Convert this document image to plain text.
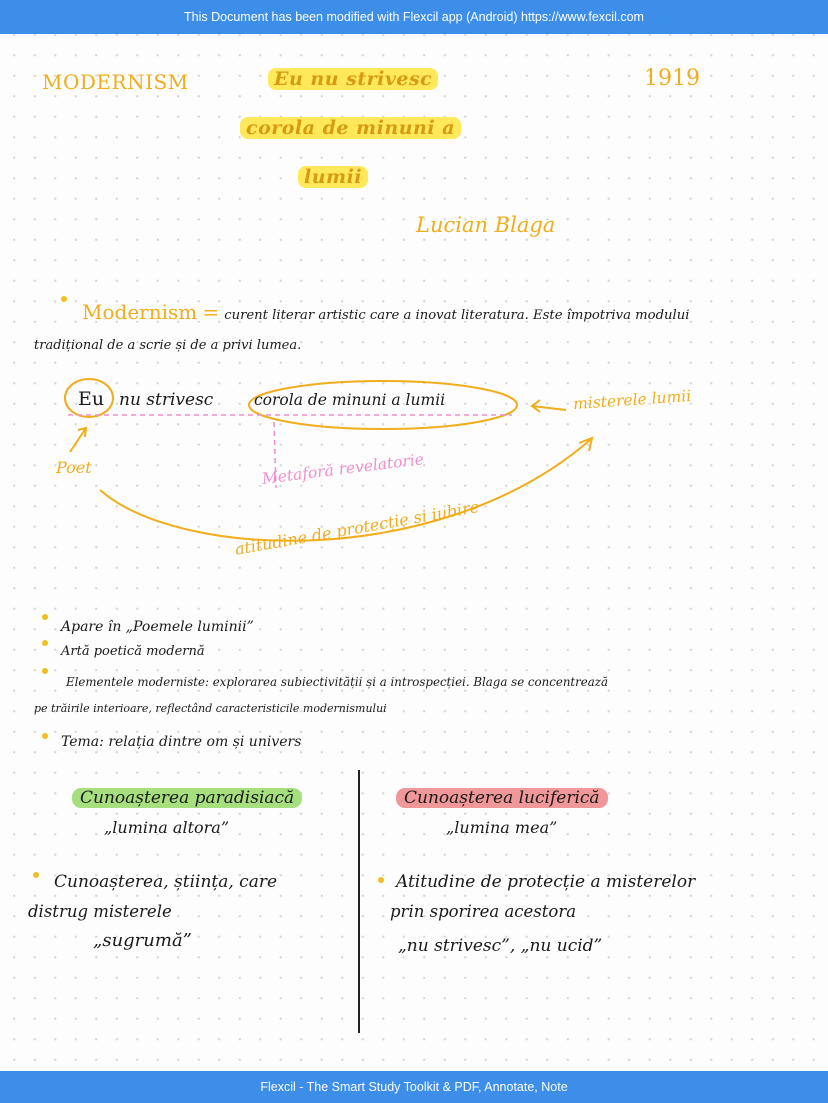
This Document has been modified with Flexcil app (Android) https://www.fexcil.com
Flexcil - The Smart Study Toolkit & PDF, Annotate, Note
MODERNISM	Eu nu strivesc
corola de minuni a
lumii
1919
Lucian Blaga
Modernism = curent literar artistic care a inovat literatura. Este împotriva modului
tradițional de a scrie și de a privi lumea.
Eu nu strivesc	corola de minuni a lumii	misterele lumii
Poet	Metaforă revelatorie
atitudine de protecție și iubire
Apare în „Poemele luminii”
Artă poetică modernă
Elementele moderniste: explorarea subiectivității și a introspecției. Blaga se concentrează
pe trăirile interioare, reflectând caracteristicile modernismului
Tema: relația dintre om și univers
Cunoașterea paradisiacă
„lumina altora”
Cunoașterea, știința, care
distrug misterele
„sugrumă”
Cunoașterea luciferică
„lumina mea”
Atitudine de protecție a misterelor
prin sporirea acestora
„nu strivesc”, „nu ucid”
